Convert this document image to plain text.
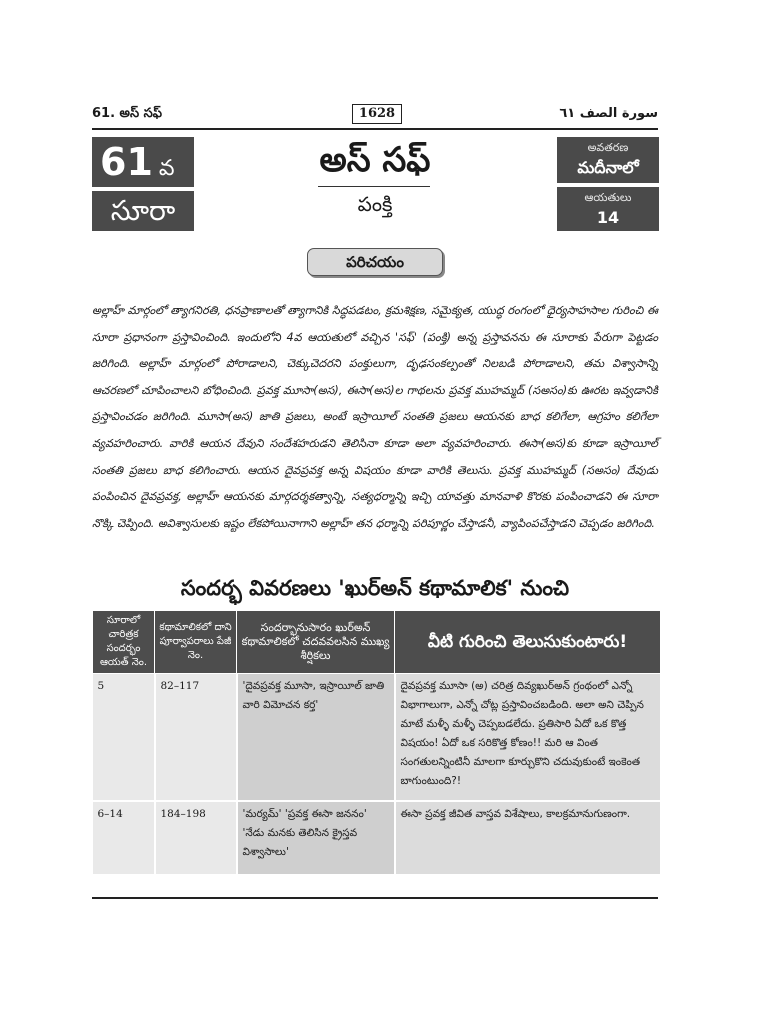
61. అస్ సఫ్	1628	سورة الصف ٦١
61 వ
సూరా
అస్ సఫ్
పంక్తి
అవతరణ
మదీనాలో
ఆయతులు
14
పరిచయం
అల్లాహ్ మార్గంలో త్యాగనిరతి, ధనప్రాణాలతో త్యాగానికి సిద్ధపడటం, క్రమశిక్షణ, సమైక్యత, యుద్ధ రంగంలో ధైర్యసాహసాల గురించి ఈ సూరా ప్రధానంగా ప్రస్తావించింది. ఇందులోని 4వ ఆయతులో వచ్చిన 'సఫ్' (పంక్తి) అన్న ప్రస్తావనను ఈ సూరాకు పేరుగా పెట్టడం జరిగింది. అల్లాహ్ మార్గంలో పోరాడాలని, చెక్కుచెదరని పంక్తులుగా, దృఢసంకల్పంతో నిలబడి పోరాడాలని, తమ విశ్వాసాన్ని ఆచరణలో చూపించాలని బోధించింది. ప్రవక్త మూసా(అస), ఈసా(అస)ల గాథలను ప్రవక్త ముహమ్మద్ (సఅసం)కు ఊరట ఇవ్వడానికి ప్రస్తావించడం జరిగింది. మూసా(అస) జాతి ప్రజలు, అంటే ఇస్రాయీల్ సంతతి ప్రజలు ఆయనకు బాధ కలిగేలా, ఆగ్రహం కలిగేలా వ్యవహరించారు. వారికి ఆయన దేవుని సందేశహరుడని తెలిసినా కూడా అలా వ్యవహరించారు. ఈసా(అస)కు కూడా ఇస్రాయీల్ సంతతి ప్రజలు బాధ కలిగించారు. ఆయన దైవప్రవక్త అన్న విషయం కూడా వారికి తెలుసు. ప్రవక్త ముహమ్మద్ (సఅసం) దేవుడు పంపించిన దైవప్రవక్త, అల్లాహ్ ఆయనకు మార్గదర్శకత్వాన్ని, సత్యధర్మాన్ని ఇచ్చి యావత్తు మానవాళి కొరకు పంపించాడని ఈ సూరా నొక్కి చెప్పింది. అవిశ్వాసులకు ఇష్టం లేకపోయినాగాని అల్లాహ్ తన ధర్మాన్ని పరిపూర్ణం చేస్తాడనీ, వ్యాపింపచేస్తాడని చెప్పడం జరిగింది.
సందర్భ వివరణలు 'ఖుర్అన్ కథామాలిక' నుంచి
సూరాలో చారిత్రక సందర్భం ఆయత్ నెం.	కథామాలికలో దాని పూర్వాపరాలు పేజీ నెం.	సందర్భానుసారం ఖుర్అన్ కథామాలికలో చదవవలసిన ముఖ్య శీర్షికలు	వీటి గురించి తెలుసుకుంటారు!
5	82–117	'దైవప్రవక్త మూసా, ఇస్రాయీల్ జాతి వారి విమోచన కర్త'	దైవప్రవక్త మూసా (అ) చరిత్ర దివ్యఖుర్అన్ గ్రంథంలో ఎన్నో విభాగాలుగా, ఎన్నో చోట్ల ప్రస్తావించబడింది. అలా అని చెప్పిన మాటే మళ్ళీ మళ్ళీ చెప్పబడలేదు. ప్రతిసారి ఏదో ఒక కొత్త విషయం! ఏదో ఒక సరికొత్త కోణం!! మరి ఆ వింత సంగతులన్నింటినీ మాలగా కూర్చుకొని చదువుకుంటే ఇంకెంత బాగుంటుంది?!
6–14	184–198	'మర్యమ్' 'ప్రవక్త ఈసా జననం' 'నేడు మనకు తెలిసిన క్రైస్తవ విశ్వాసాలు'	ఈసా ప్రవక్త జీవిత వాస్తవ విశేషాలు, కాలక్రమానుగుణంగా.
